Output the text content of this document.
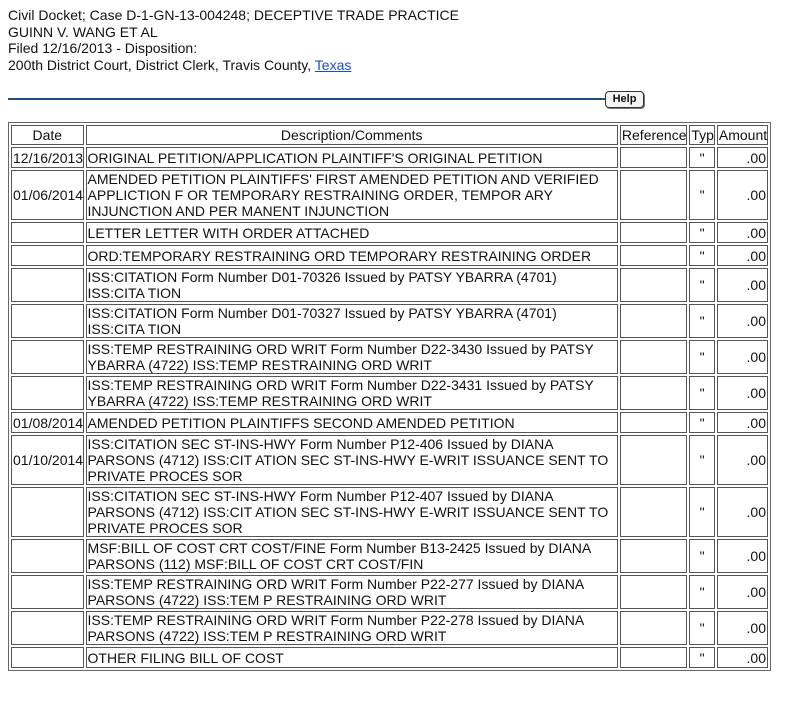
Civil Docket; Case D-1-GN-13-004248; DECEPTIVE TRADE PRACTICE
GUINN V. WANG ET AL
Filed 12/16/2013 - Disposition:
200th District Court, District Clerk, Travis County, Texas
Help
Date	Description/Comments	Reference	Typ	Amount
12/16/2013	ORIGINAL PETITION/APPLICATION PLAINTIFF'S ORIGINAL PETITION		"	.00
01/06/2014	AMENDED PETITION PLAINTIFFS' FIRST AMENDED PETITION AND VERIFIED APPLICTION F OR TEMPORARY RESTRAINING ORDER, TEMPOR ARY INJUNCTION AND PER MANENT INJUNCTION		"	.00
	LETTER LETTER WITH ORDER ATTACHED		"	.00
	ORD:TEMPORARY RESTRAINING ORD TEMPORARY RESTRAINING ORDER		"	.00
	ISS:CITATION Form Number D01-70326 Issued by PATSY YBARRA (4701) ISS:CITA TION		"	.00
	ISS:CITATION Form Number D01-70327 Issued by PATSY YBARRA (4701) ISS:CITA TION		"	.00
	ISS:TEMP RESTRAINING ORD WRIT Form Number D22-3430 Issued by PATSY YBARRA (4722) ISS:TEMP RESTRAINING ORD WRIT		"	.00
	ISS:TEMP RESTRAINING ORD WRIT Form Number D22-3431 Issued by PATSY YBARRA (4722) ISS:TEMP RESTRAINING ORD WRIT		"	.00
01/08/2014	AMENDED PETITION PLAINTIFFS SECOND AMENDED PETITION		"	.00
01/10/2014	ISS:CITATION SEC ST-INS-HWY Form Number P12-406 Issued by DIANA PARSONS (4712) ISS:CIT ATION SEC ST-INS-HWY E-WRIT ISSUANCE SENT TO PRIVATE PROCES SOR		"	.00
	ISS:CITATION SEC ST-INS-HWY Form Number P12-407 Issued by DIANA PARSONS (4712) ISS:CIT ATION SEC ST-INS-HWY E-WRIT ISSUANCE SENT TO PRIVATE PROCES SOR		"	.00
	MSF:BILL OF COST CRT COST/FINE Form Number B13-2425 Issued by DIANA PARSONS (112) MSF:BILL OF COST CRT COST/FIN		"	.00
	ISS:TEMP RESTRAINING ORD WRIT Form Number P22-277 Issued by DIANA PARSONS (4722) ISS:TEM P RESTRAINING ORD WRIT		"	.00
	ISS:TEMP RESTRAINING ORD WRIT Form Number P22-278 Issued by DIANA PARSONS (4722) ISS:TEM P RESTRAINING ORD WRIT		"	.00
	OTHER FILING BILL OF COST		"	.00
